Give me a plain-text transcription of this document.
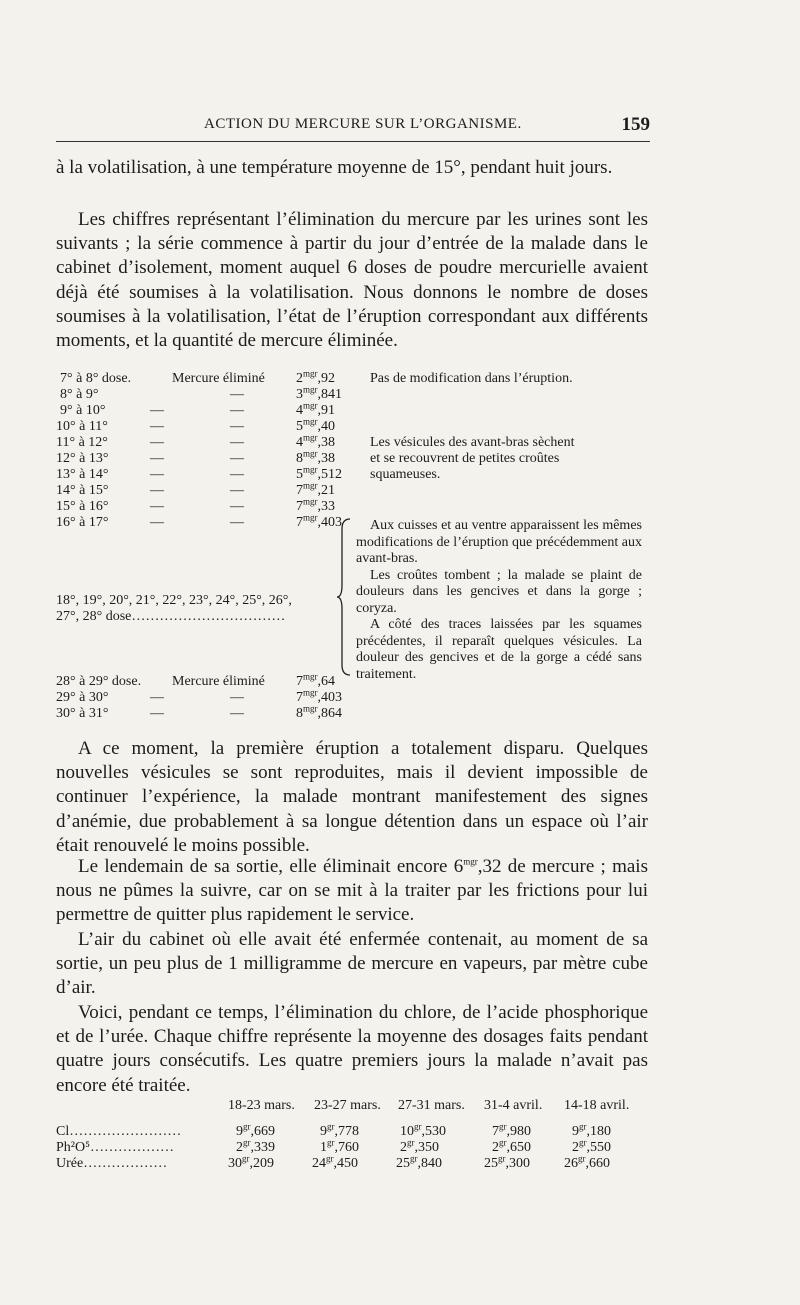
ACTION DU MERCURE SUR L’ORGANISME.	159

à la volatilisation, à une température moyenne de 15°, pendant huit jours.

Les chiffres représentant l’élimination du mercure par les urines sont les suivants ; la série commence à partir du jour d’entrée de la malade dans le cabinet d’isolement, moment auquel 6 doses de poudre mercurielle avaient déjà été soumises à la volatilisation. Nous donnons le nombre de doses soumises à la volatilisation, l’état de l’éruption correspondant aux différents moments, et la quantité de mercure éliminée.

7° à 8° dose.	Mercure éliminé $2^{mgr},92$
8° à 9°	—	$3^{mgr},841$
9° à 10°	—	—	$4^{mgr},91$
10° à 11°	—	—	$5^{mgr},40$
11° à 12°	—	—	$4^{mgr},38$
12° à 13°	—	—	$8^{mgr},38$
13° à 14°	—	—	$5^{mgr},512$
14° à 15°	—	—	$7^{mgr},21$
15° à 16°	—	—	$7^{mgr},33$
16° à 17°	—	—	$7^{mgr},403$
Pas de modification dans l’éruption.
Les vésicules des avant-bras sèchent
et se recouvrent de petites croûtes
squameuses.
18°, 19°, 20°, 21°, 22°, 23°, 24°, 25°, 26°,
27°, 28° dose……………………………

Aux cuisses et au ventre apparaissent les mêmes modifications de l’éruption que précédemment aux avant-bras.

Les croûtes tombent ; la malade se plaint de douleurs dans les gencives et dans la gorge ; coryza.

A côté des traces laissées par les squames précédentes, il reparaît quelques vésicules. La douleur des gencives et de la gorge a cédé sans traitement.

28° à 29° dose. Mercure éliminé $7^{mgr},64$
29° à 30°	—	—	$7^{mgr},403$
30° à 31°	—	—	$8^{mgr},864$

A ce moment, la première éruption a totalement disparu. Quelques nouvelles vésicules se sont reproduites, mais il devient impossible de continuer l’expérience, la malade montrant manifestement des signes d’anémie, due probablement à sa longue détention dans un espace où l’air était renouvelé le moins possible.

Le lendemain de sa sortie, elle éliminait encore $6^{mgr},32$ de mercure ; mais nous ne pûmes la suivre, car on se mit à la traiter par les frictions pour lui permettre de quitter plus rapidement le service.

L’air du cabinet où elle avait été enfermée contenait, au moment de sa sortie, un peu plus de 1 milligramme de mercure en vapeurs, par mètre cube d’air.

Voici, pendant ce temps, l’élimination du chlore, de l’acide phosphorique et de l’urée. Chaque chiffre représente la moyenne des dosages faits pendant quatre jours consécutifs. Les quatre premiers jours la malade n’avait pas encore été traitée.

18-23 mars. 23-27 mars. 27-31 mars. 31-4 avril. 14-18 avril.
Cl……………………	$9^{gr},669$	$9^{gr},778$	$10^{gr},530$	$7^{gr},980$	$9^{gr},180$
Ph²O⁵………………	$2^{gr},339$	$1^{gr},760$	$2^{gr},350$	$2^{gr},650$	$2^{gr},550$
Urée………………	$30^{gr},209$	$24^{gr},450$	$25^{gr},840$	$25^{gr},300$ $26^{gr},660$
